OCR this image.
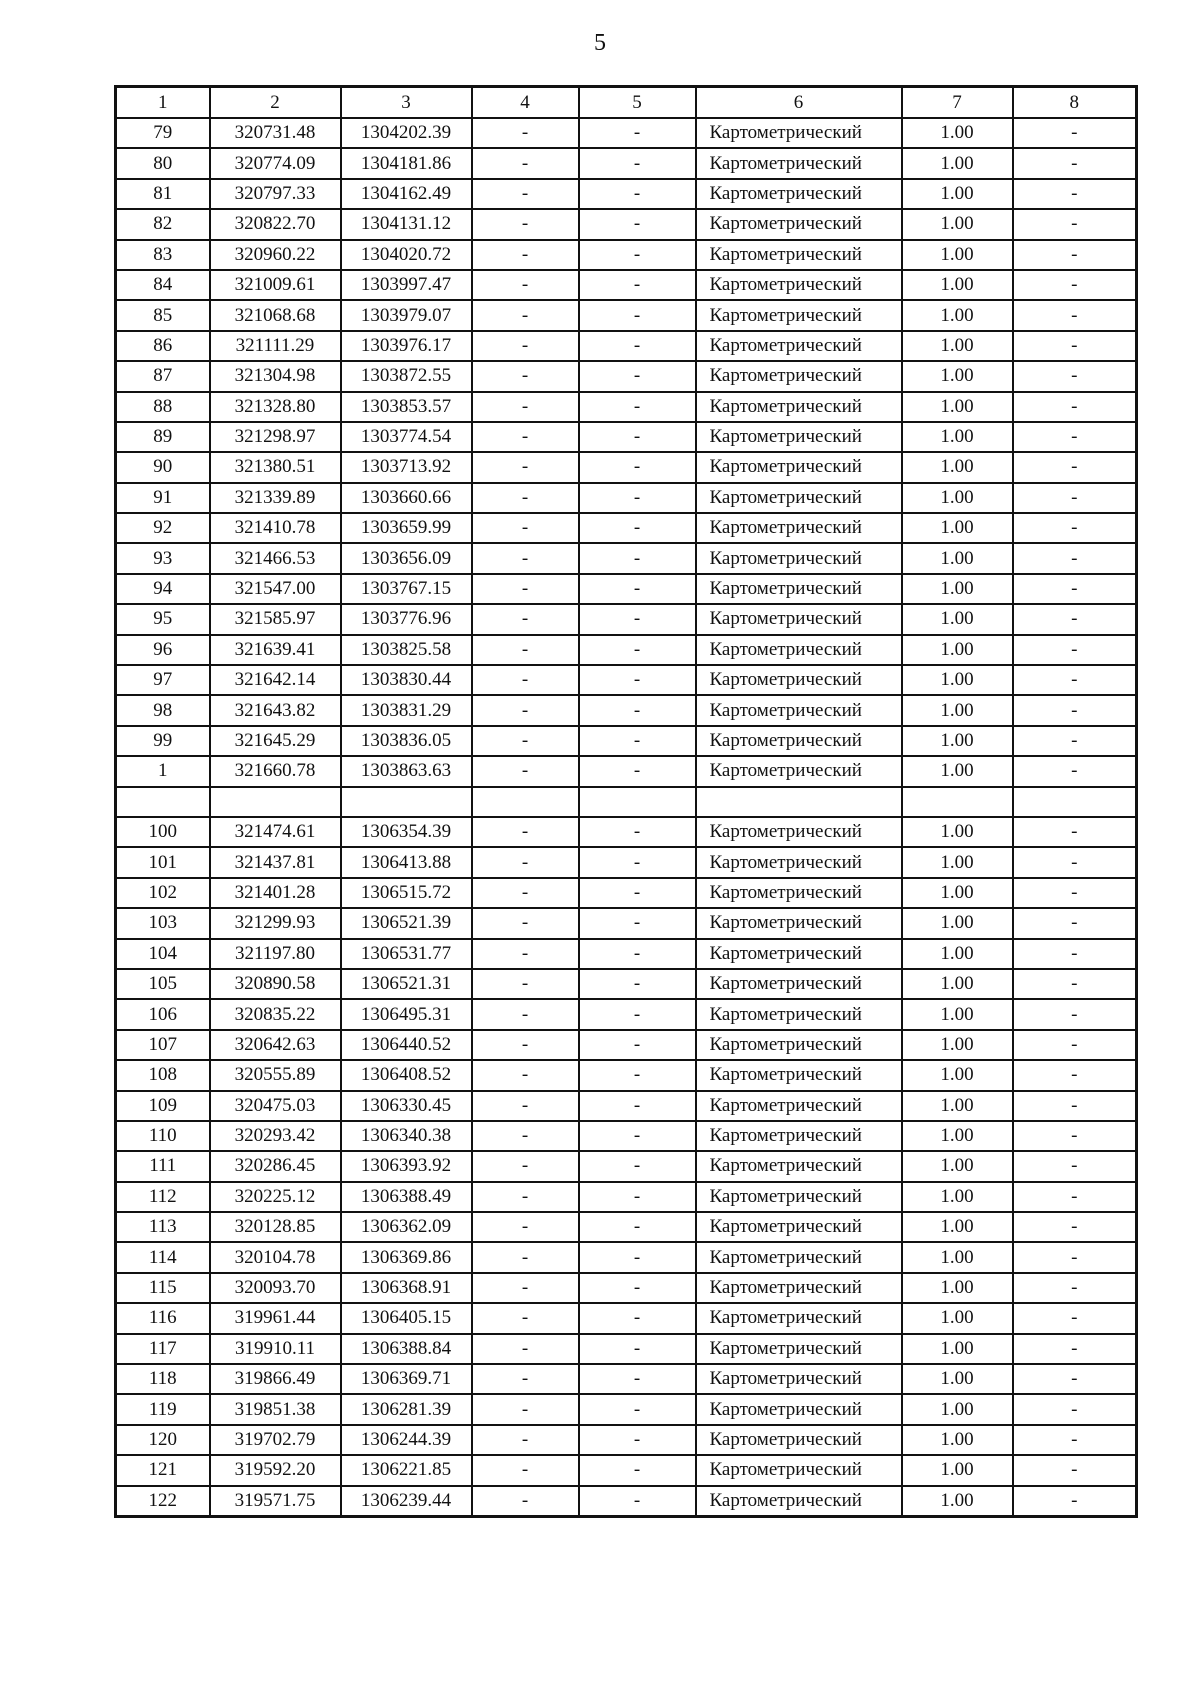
5
1	2	3	4	5	6	7	8
79	320731.48	1304202.39	-	-	Картометрический	1.00	-
80	320774.09	1304181.86	-	-	Картометрический	1.00	-
81	320797.33	1304162.49	-	-	Картометрический	1.00	-
82	320822.70	1304131.12	-	-	Картометрический	1.00	-
83	320960.22	1304020.72	-	-	Картометрический	1.00	-
84	321009.61	1303997.47	-	-	Картометрический	1.00	-
85	321068.68	1303979.07	-	-	Картометрический	1.00	-
86	321111.29	1303976.17	-	-	Картометрический	1.00	-
87	321304.98	1303872.55	-	-	Картометрический	1.00	-
88	321328.80	1303853.57	-	-	Картометрический	1.00	-
89	321298.97	1303774.54	-	-	Картометрический	1.00	-
90	321380.51	1303713.92	-	-	Картометрический	1.00	-
91	321339.89	1303660.66	-	-	Картометрический	1.00	-
92	321410.78	1303659.99	-	-	Картометрический	1.00	-
93	321466.53	1303656.09	-	-	Картометрический	1.00	-
94	321547.00	1303767.15	-	-	Картометрический	1.00	-
95	321585.97	1303776.96	-	-	Картометрический	1.00	-
96	321639.41	1303825.58	-	-	Картометрический	1.00	-
97	321642.14	1303830.44	-	-	Картометрический	1.00	-
98	321643.82	1303831.29	-	-	Картометрический	1.00	-
99	321645.29	1303836.05	-	-	Картометрический	1.00	-
1	321660.78	1303863.63	-	-	Картометрический	1.00	-

100	321474.61	1306354.39	-	-	Картометрический	1.00	-
101	321437.81	1306413.88	-	-	Картометрический	1.00	-
102	321401.28	1306515.72	-	-	Картометрический	1.00	-
103	321299.93	1306521.39	-	-	Картометрический	1.00	-
104	321197.80	1306531.77	-	-	Картометрический	1.00	-
105	320890.58	1306521.31	-	-	Картометрический	1.00	-
106	320835.22	1306495.31	-	-	Картометрический	1.00	-
107	320642.63	1306440.52	-	-	Картометрический	1.00	-
108	320555.89	1306408.52	-	-	Картометрический	1.00	-
109	320475.03	1306330.45	-	-	Картометрический	1.00	-
110	320293.42	1306340.38	-	-	Картометрический	1.00	-
111	320286.45	1306393.92	-	-	Картометрический	1.00	-
112	320225.12	1306388.49	-	-	Картометрический	1.00	-
113	320128.85	1306362.09	-	-	Картометрический	1.00	-
114	320104.78	1306369.86	-	-	Картометрический	1.00	-
115	320093.70	1306368.91	-	-	Картометрический	1.00	-
116	319961.44	1306405.15	-	-	Картометрический	1.00	-
117	319910.11	1306388.84	-	-	Картометрический	1.00	-
118	319866.49	1306369.71	-	-	Картометрический	1.00	-
119	319851.38	1306281.39	-	-	Картометрический	1.00	-
120	319702.79	1306244.39	-	-	Картометрический	1.00	-
121	319592.20	1306221.85	-	-	Картометрический	1.00	-
122	319571.75	1306239.44	-	-	Картометрический	1.00	-
